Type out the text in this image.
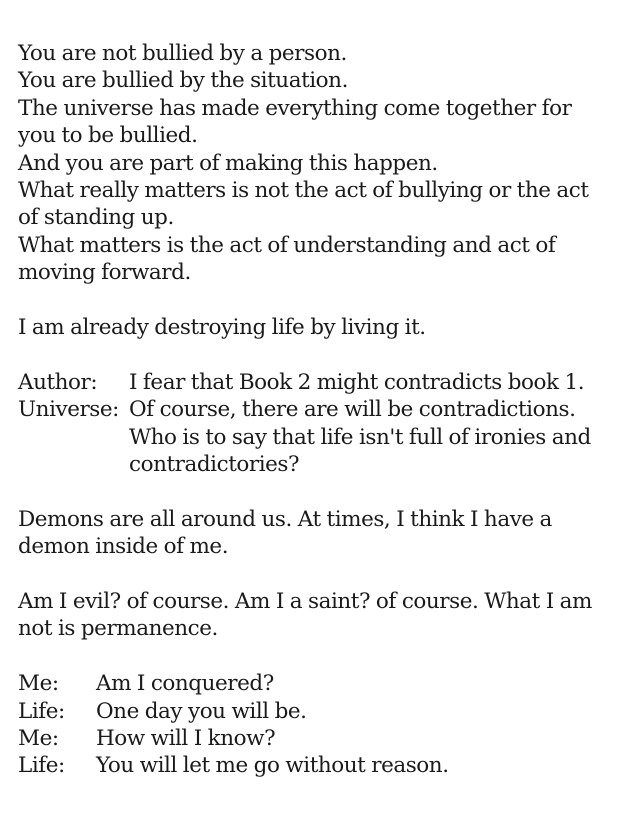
You are not bullied by a person.
You are bullied by the situation.
The universe has made everything come together for
you to be bullied.
And you are part of making this happen.
What really matters is not the act of bullying or the act
of standing up.
What matters is the act of understanding and act of
moving forward.
I am already destroying life by living it.
Author:	I fear that Book 2 might contradicts book 1.
Universe: Of course, there are will be contradictions.
Who is to say that life isn't full of ironies and
contradictories?
Demons are all around us. At times, I think I have a
demon inside of me.
Am I evil? of course. Am I a saint? of course. What I am
not is permanence.
Me:	Am I conquered?
Life:	One day you will be.
Me:	How will I know?
Life:	You will let me go without reason.
